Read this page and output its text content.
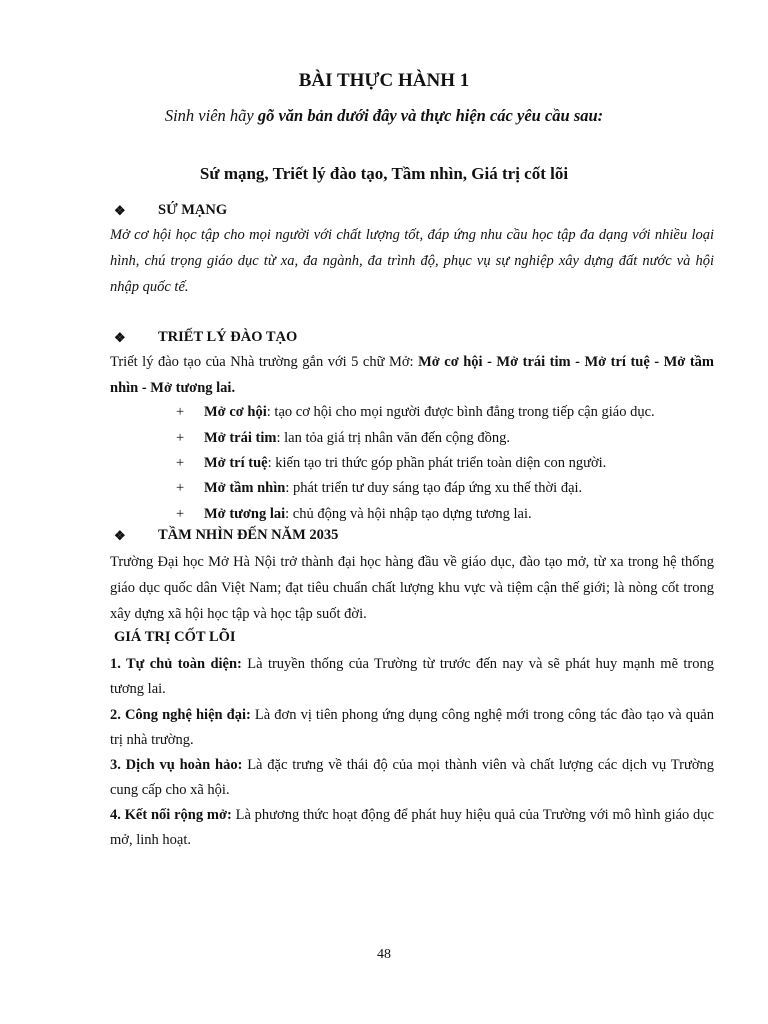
BÀI THỰC HÀNH 1
Sinh viên hãy gõ văn bản dưới đây và thực hiện các yêu cầu sau:
Sứ mạng, Triết lý đào tạo, Tầm nhìn, Giá trị cốt lõi
❖	SỨ MẠNG
Mở cơ hội học tập cho mọi người với chất lượng tốt, đáp ứng nhu cầu học tập đa dạng với nhiều loại hình, chú trọng giáo dục từ xa, đa ngành, đa trình độ, phục vụ sự nghiệp xây dựng đất nước và hội nhập quốc tế.
❖	TRIẾT LÝ ĐÀO TẠO
Triết lý đào tạo của Nhà trường gắn với 5 chữ Mở: Mở cơ hội - Mở trái tim - Mở trí tuệ - Mở tầm nhìn - Mở tương lai.
+ Mở cơ hội: tạo cơ hội cho mọi người được bình đẳng trong tiếp cận giáo dục.
+ Mở trái tim: lan tỏa giá trị nhân văn đến cộng đồng.
+ Mở trí tuệ: kiến tạo tri thức góp phần phát triển toàn diện con người.
+ Mở tầm nhìn: phát triển tư duy sáng tạo đáp ứng xu thế thời đại.
+ Mở tương lai: chủ động và hội nhập tạo dựng tương lai.
❖	TẦM NHÌN ĐẾN NĂM 2035
Trường Đại học Mở Hà Nội trở thành đại học hàng đầu về giáo dục, đào tạo mở, từ xa trong hệ thống giáo dục quốc dân Việt Nam; đạt tiêu chuẩn chất lượng khu vực và tiệm cận thế giới; là nòng cốt trong xây dựng xã hội học tập và học tập suốt đời.
GIÁ TRỊ CỐT LÕI
1. Tự chủ toàn diện: Là truyền thống của Trường từ trước đến nay và sẽ phát huy mạnh mẽ trong tương lai.
2. Công nghệ hiện đại: Là đơn vị tiên phong ứng dụng công nghệ mới trong công tác đào tạo và quản trị nhà trường.
3. Dịch vụ hoàn hảo: Là đặc trưng về thái độ của mọi thành viên và chất lượng các dịch vụ Trường cung cấp cho xã hội.
4. Kết nối rộng mở: Là phương thức hoạt động để phát huy hiệu quả của Trường với mô hình giáo dục mở, linh hoạt.
48
